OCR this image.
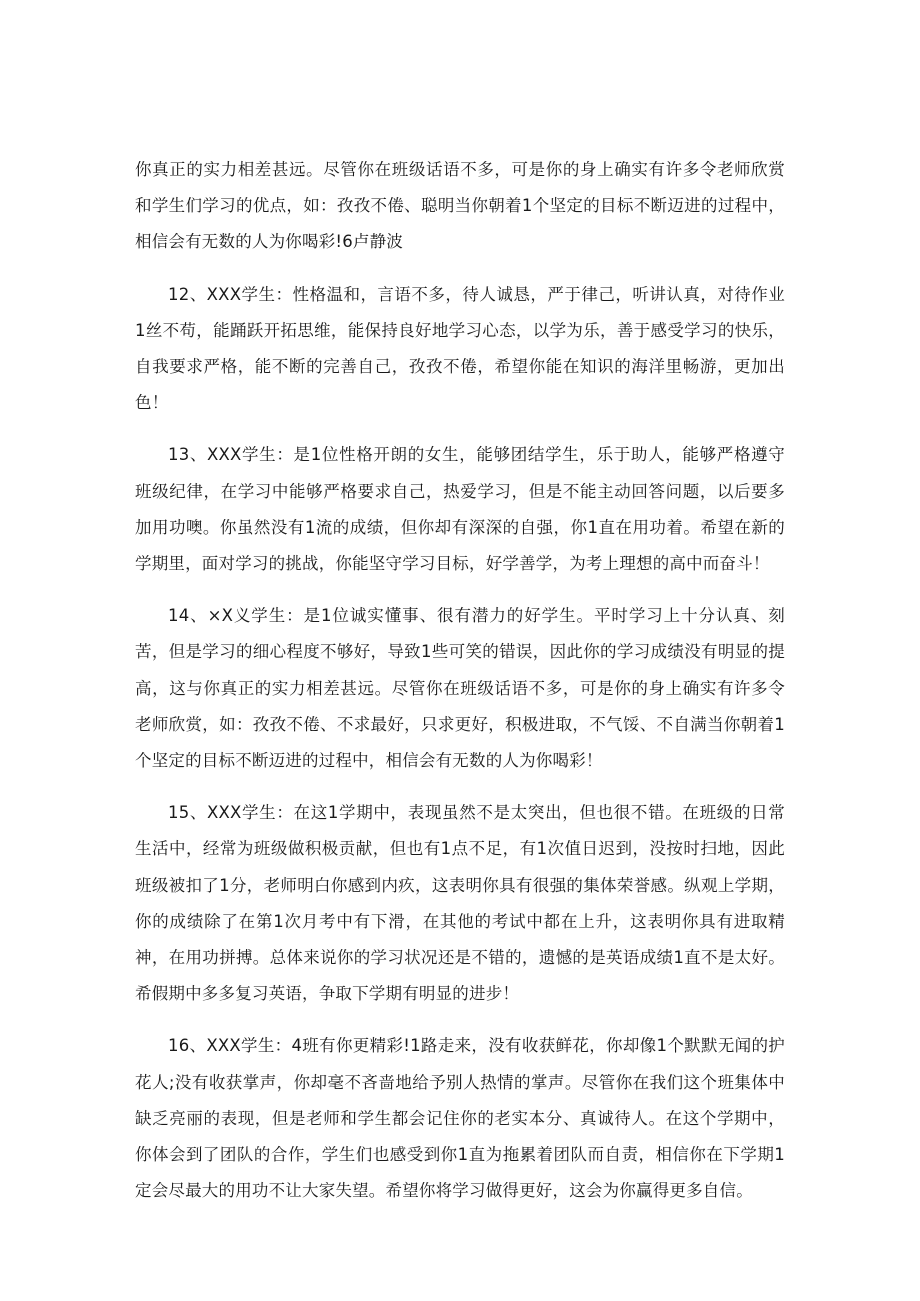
你真正的实力相差甚远。尽管你在班级话语不多，可是你的身上确实有许多令老师欣赏和学生们学习的优点，如：孜孜不倦、聪明当你朝着1个坚定的目标不断迈进的过程中，相信会有无数的人为你喝彩!6卢静波

12、XXX学生：性格温和，言语不多，待人诚恳，严于律己，听讲认真，对待作业1丝不苟，能踊跃开拓思维，能保持良好地学习心态，以学为乐，善于感受学习的快乐，自我要求严格，能不断的完善自己，孜孜不倦，希望你能在知识的海洋里畅游，更加出色！

13、XXX学生：是1位性格开朗的女生，能够团结学生，乐于助人，能够严格遵守班级纪律，在学习中能够严格要求自己，热爱学习，但是不能主动回答问题，以后要多加用功噢。你虽然没有1流的成绩，但你却有深深的自强，你1直在用功着。希望在新的学期里，面对学习的挑战，你能坚守学习目标，好学善学，为考上理想的高中而奋斗！

14、×X义学生：是1位诚实懂事、很有潜力的好学生。平时学习上十分认真、刻苦，但是学习的细心程度不够好，导致1些可笑的错误，因此你的学习成绩没有明显的提高，这与你真正的实力相差甚远。尽管你在班级话语不多，可是你的身上确实有许多令老师欣赏，如：孜孜不倦、不求最好，只求更好，积极进取，不气馁、不自满当你朝着1个坚定的目标不断迈进的过程中，相信会有无数的人为你喝彩！

15、XXX学生：在这1学期中，表现虽然不是太突出，但也很不错。在班级的日常生活中，经常为班级做积极贡献，但也有1点不足，有1次值日迟到，没按时扫地，因此班级被扣了1分，老师明白你感到内疚，这表明你具有很强的集体荣誉感。纵观上学期，你的成绩除了在第1次月考中有下滑，在其他的考试中都在上升，这表明你具有进取精神，在用功拼搏。总体来说你的学习状况还是不错的，遗憾的是英语成绩1直不是太好。希假期中多多复习英语，争取下学期有明显的进步！

16、XXX学生：4班有你更精彩!1路走来，没有收获鲜花，你却像1个默默无闻的护花人;没有收获掌声，你却毫不吝啬地给予别人热情的掌声。尽管你在我们这个班集体中缺乏亮丽的表现，但是老师和学生都会记住你的老实本分、真诚待人。在这个学期中，你体会到了团队的合作，学生们也感受到你1直为拖累着团队而自责，相信你在下学期1定会尽最大的用功不让大家失望。希望你将学习做得更好，这会为你赢得更多自信。
